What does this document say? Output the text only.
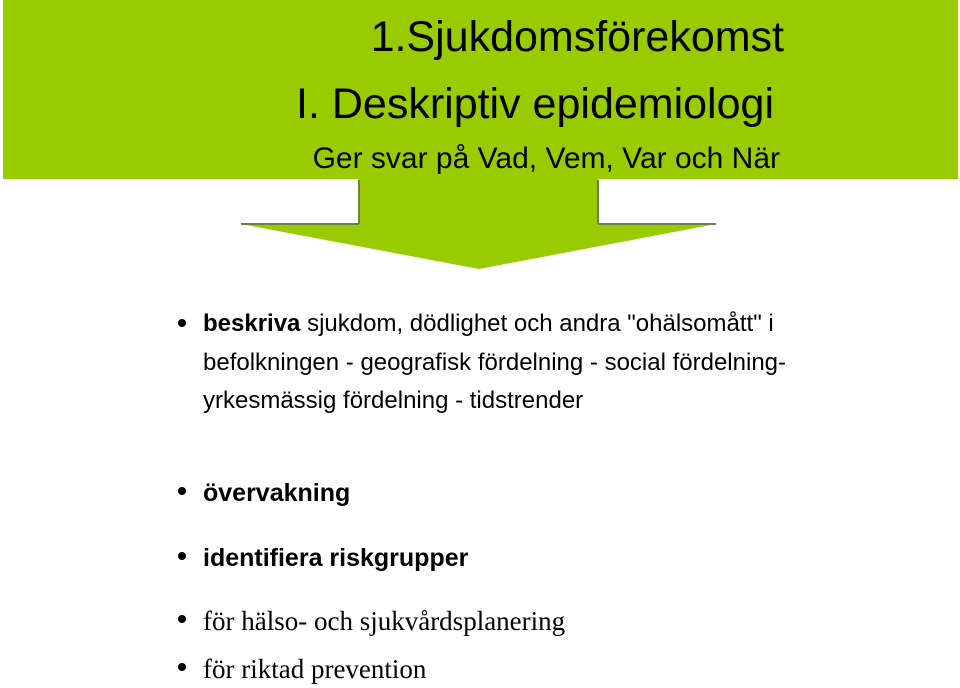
1.Sjukdomsförekomst
I. Deskriptiv epidemiologi

Ger svar på Vad, Vem, Var och När

beskriva sjukdom, dödlighet och andra "ohälsomått" i befolkningen - geografisk fördelning - social fördelning- yrkesmässig fördelning - tidstrender
övervakning
identifiera riskgrupper
för hälso- och sjukvårdsplanering
för riktad prevention
